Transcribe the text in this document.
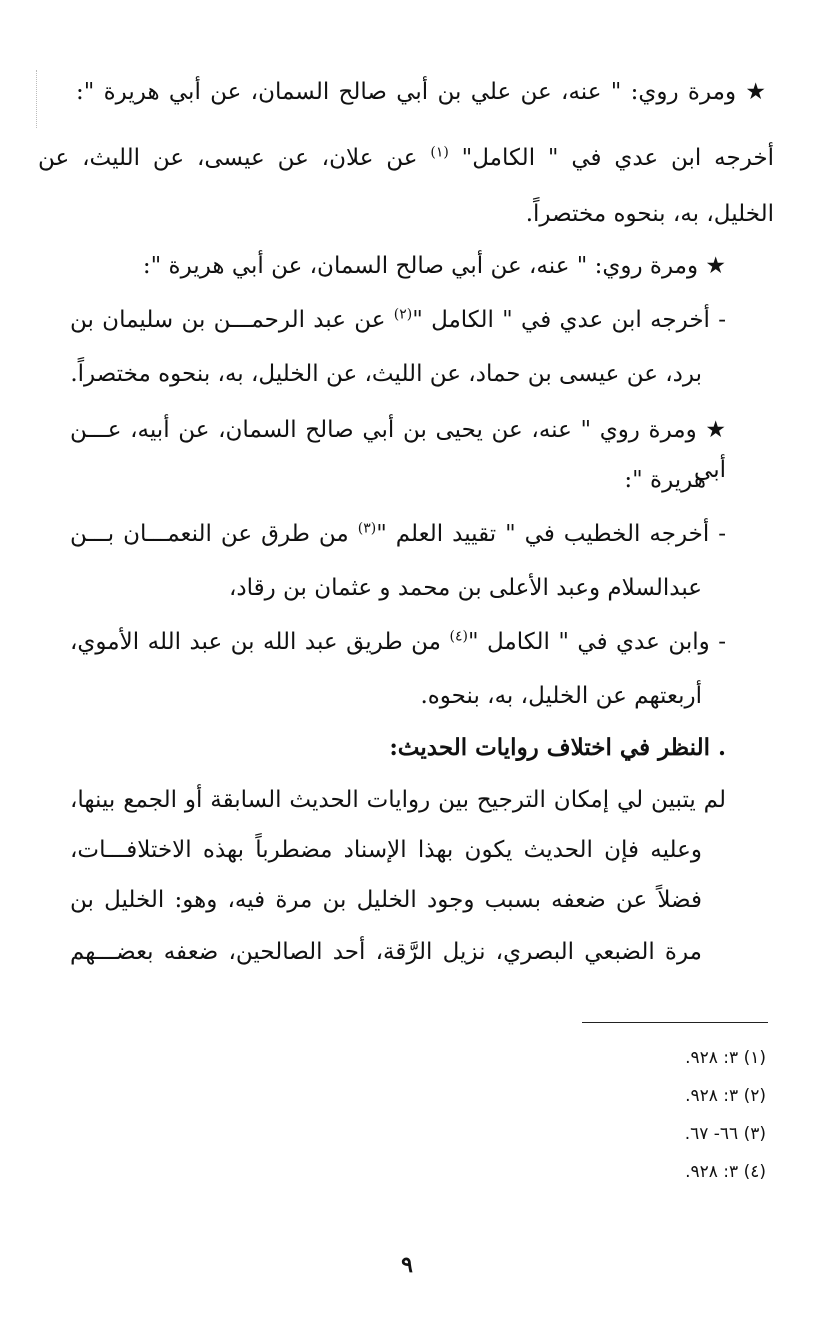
★ ومرة روي: " عنه، عن علي بن أبي صالح السمان، عن أبي هريرة ":
أخرجه ابن عدي في " الكامل" $^{(١)}$ عن علان، عن عيسى، عن الليث، عن
الخليل، به، بنحوه مختصراً.
★ ومرة روي: " عنه، عن أبي صالح السمان، عن أبي هريرة ":
- أخرجه ابن عدي في " الكامل "$^{(٢)}$ عن عبد الرحمـــن بن سليمان بن
برد، عن عيسى بن حماد، عن الليث، عن الخليل، به، بنحوه مختصراً.
★ ومرة روي " عنه، عن يحيى بن أبي صالح السمان، عن أبيه، عـــن أبي
هريرة ":
- أخرجه الخطيب في " تقييد العلم "$^{(٣)}$ من طرق عن النعمـــان بـــن
عبدالسلام وعبد الأعلى بن محمد و عثمان بن رقاد،
- وابن عدي في " الكامل "$^{(٤)}$ من طريق عبد الله بن عبد الله الأموي،
أربعتهم عن الخليل، به، بنحوه.
. النظر في اختلاف روايات الحديث:
لم يتبين لي إمكان الترجيح بين روايات الحديث السابقة أو الجمع بينها،
وعليه فإن الحديث يكون بهذا الإسناد مضطرباً بهذه الاختلافـــات،
فضلاً عن ضعفه بسبب وجود الخليل بن مرة فيه، وهو: الخليل بن
مرة الضبعي البصري، نزيل الرَّقة، أحد الصالحين، ضعفه بعضـــهم
(١) ٣: ٩٢٨.
(٢) ٣: ٩٢٨.
(٣) ٦٦- ٦٧.
(٤) ٣: ٩٢٨.
٩
